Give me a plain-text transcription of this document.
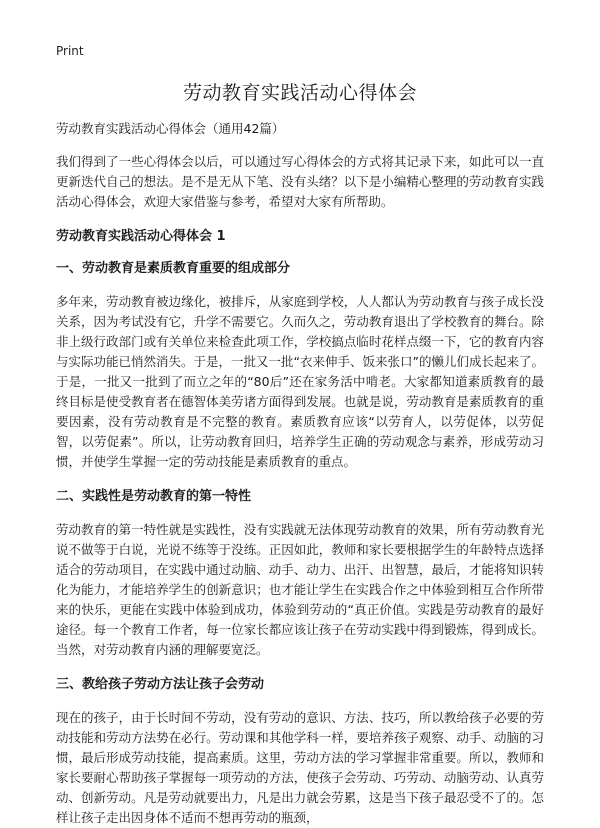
Print
劳动教育实践活动心得体会

劳动教育实践活动心得体会（通用42篇）

我们得到了一些心得体会以后，可以通过写心得体会的方式将其记录下来，如此可以一直更新迭代自己的想法。是不是无从下笔、没有头绪？以下是小编精心整理的劳动教育实践活动心得体会，欢迎大家借鉴与参考，希望对大家有所帮助。

劳动教育实践活动心得体会 1

一、劳动教育是素质教育重要的组成部分

多年来，劳动教育被边缘化，被排斥，从家庭到学校，人人都认为劳动教育与孩子成长没关系，因为考试没有它，升学不需要它。久而久之，劳动教育退出了学校教育的舞台。除非上级行政部门或有关单位来检查此项工作，学校搞点临时花样点缀一下，它的教育内容与实际功能已悄然消失。于是，一批又一批“衣来伸手、饭来张口”的懒儿们成长起来了。于是，一批又一批到了而立之年的“80后”还在家务活中啃老。大家都知道素质教育的最终目标是使受教育者在德智体美劳诸方面得到发展。也就是说，劳动教育是素质教育的重要因素，没有劳动教育是不完整的教育。素质教育应该“以劳育人，以劳促体，以劳促智，以劳促素”。所以，让劳动教育回归，培养学生正确的劳动观念与素养，形成劳动习惯，并使学生掌握一定的劳动技能是素质教育的重点。

二、实践性是劳动教育的第一特性

劳动教育的第一特性就是实践性，没有实践就无法体现劳动教育的效果，所有劳动教育光说不做等于白说，光说不练等于没练。正因如此，教师和家长要根据学生的年龄特点选择适合的劳动项目，在实践中通过动脑、动手、动力、出汗、出智慧，最后，才能将知识转化为能力，才能培养学生的创新意识；也才能让学生在实践合作之中体验到相互合作所带来的快乐，更能在实践中体验到成功，体验到劳动的“真正价值。实践是劳动教育的最好途径。每一个教育工作者，每一位家长都应该让孩子在劳动实践中得到锻炼，得到成长。当然，对劳动教育内涵的理解要宽泛。

三、教给孩子劳动方法让孩子会劳动

现在的孩子，由于长时间不劳动，没有劳动的意识、方法、技巧，所以教给孩子必要的劳动技能和劳动方法势在必行。劳动课和其他学科一样，要培养孩子观察、动手、动脑的习惯，最后形成劳动技能，提高素质。这里，劳动方法的学习掌握非常重要。所以，教师和家长要耐心帮助孩子掌握每一项劳动的方法，使孩子会劳动、巧劳动、动脑劳动、认真劳动、创新劳动。凡是劳动就要出力，凡是出力就会劳累，这是当下孩子最忍受不了的。怎样让孩子走出因身体不适而不想再劳动的瓶颈，
